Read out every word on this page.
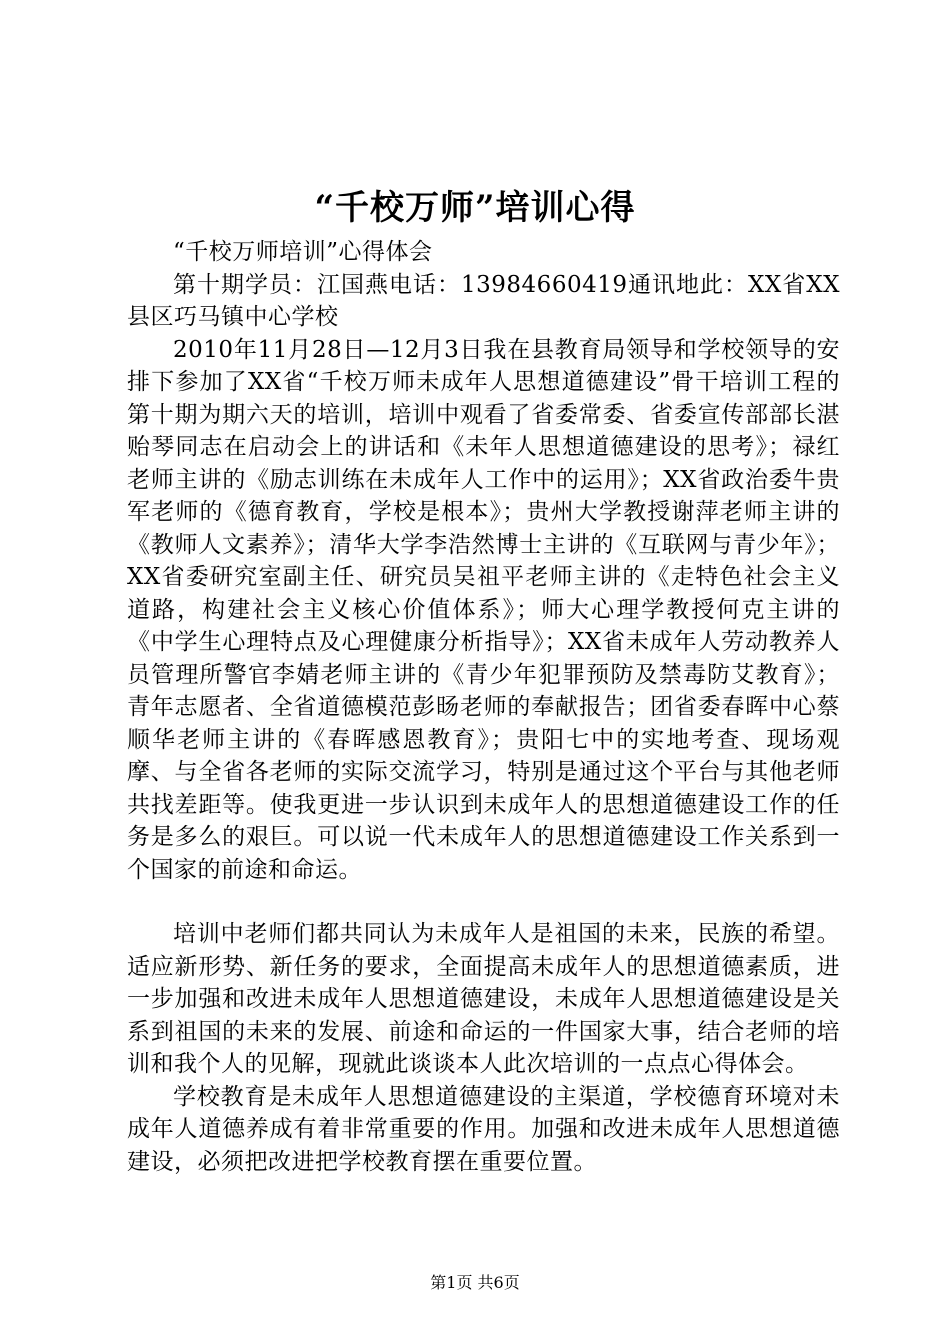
“千校万师”培训心得

“千校万师培训”心得体会

第十期学员：江国燕电话：13984660419通讯地此：XX省XX县区巧马镇中心学校

2010年11月28日—12月3日我在县教育局领导和学校领导的安排下参加了XX省“千校万师未成年人思想道德建设”骨干培训工程的第十期为期六天的培训，培训中观看了省委常委、省委宣传部部长湛贻琴同志在启动会上的讲话和《未年人思想道德建设的思考》；禄红老师主讲的《励志训练在未成年人工作中的运用》；XX省政治委牛贵军老师的《德育教育，学校是根本》；贵州大学教授谢萍老师主讲的《教师人文素养》；清华大学李浩然博士主讲的《互联网与青少年》；XX省委研究室副主任、研究员吴祖平老师主讲的《走特色社会主义道路，构建社会主义核心价值体系》；师大心理学教授何克主讲的《中学生心理特点及心理健康分析指导》；XX省未成年人劳动教养人员管理所警官李婧老师主讲的《青少年犯罪预防及禁毒防艾教育》；青年志愿者、全省道德模范彭旸老师的奉献报告；团省委春晖中心蔡顺华老师主讲的《春晖感恩教育》；贵阳七中的实地考查、现场观摩、与全省各老师的实际交流学习，特别是通过这个平台与其他老师共找差距等。使我更进一步认识到未成年人的思想道德建设工作的任务是多么的艰巨。可以说一代未成年人的思想道德建设工作关系到一个国家的前途和命运。

培训中老师们都共同认为未成年人是祖国的未来，民族的希望。适应新形势、新任务的要求，全面提高未成年人的思想道德素质，进一步加强和改进未成年人思想道德建设，未成年人思想道德建设是关系到祖国的未来的发展、前途和命运的一件国家大事，结合老师的培训和我个人的见解，现就此谈谈本人此次培训的一点点心得体会。

学校教育是未成年人思想道德建设的主渠道，学校德育环境对未成年人道德养成有着非常重要的作用。加强和改进未成年人思想道德建设，必须把改进把学校教育摆在重要位置。

第1页 共6页
